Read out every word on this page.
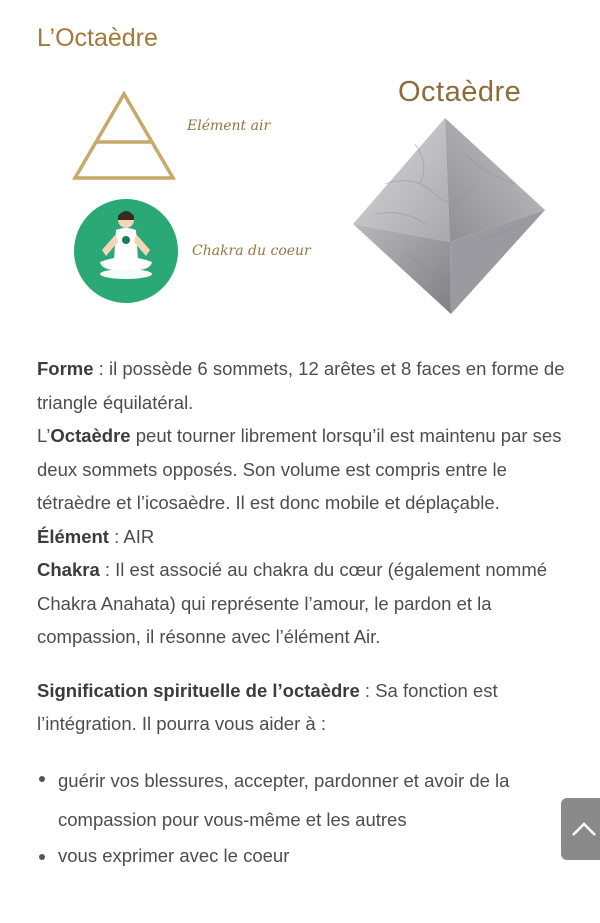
L’Octaèdre
Elément air
Chakra du coeur
Octaèdre

Forme : il possède 6 sommets, 12 arêtes et 8 faces en forme de triangle équilatéral.

L’Octaèdre peut tourner librement lorsqu’il est maintenu par ses deux sommets opposés. Son volume est compris entre le tétraèdre et l’icosaèdre. Il est donc mobile et déplaçable.

Élément : AIR

Chakra : Il est associé au chakra du cœur (également nommé Chakra Anahata) qui représente l’amour, le pardon et la compassion, il résonne avec l’élément Air.

Signification spirituelle de l’octaèdre : Sa fonction est l’intégration. Il pourra vous aider à :

guérir vos blessures, accepter, pardonner et avoir de la compassion pour vous-même et les autres
vous exprimer avec le coeur
